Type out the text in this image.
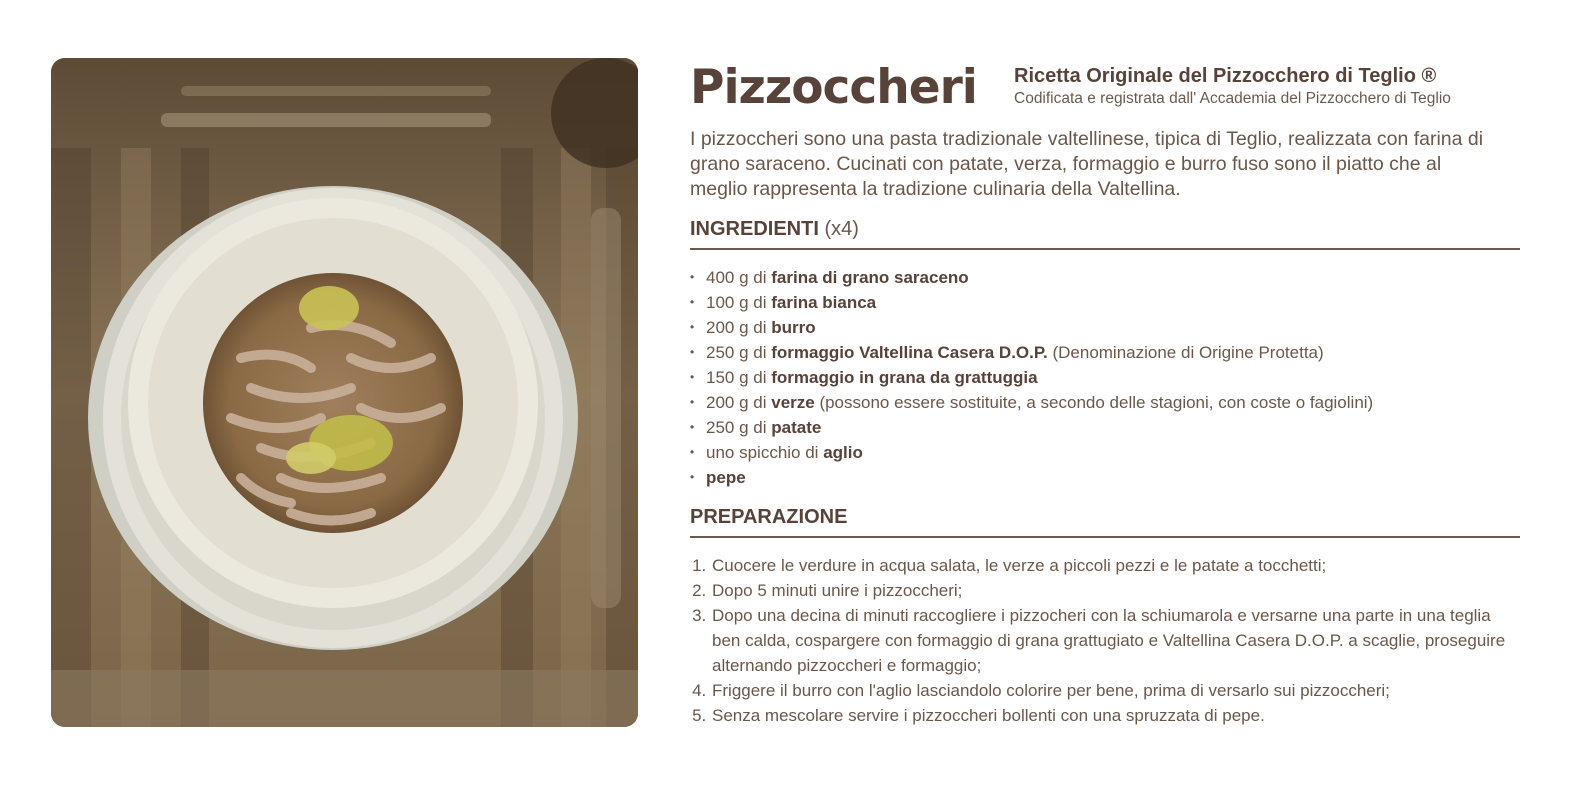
Pizzoccheri	Ricetta Originale del Pizzocchero di Teglio ®
Codificata e registrata dall' Accademia del Pizzocchero di Teglio

I pizzoccheri sono una pasta tradizionale valtellinese, tipica di Teglio, realizzata con farina di grano saraceno. Cucinati con patate, verza, formaggio e burro fuso sono il piatto che al meglio rappresenta la tradizione culinaria della Valtellina.

INGREDIENTI (x4)
• 400 g di farina di grano saraceno
• 100 g di farina bianca
• 200 g di burro
• 250 g di formaggio Valtellina Casera D.O.P. (Denominazione di Origine Protetta)
• 150 g di formaggio in grana da grattuggia
• 200 g di verze (possono essere sostituite, a secondo delle stagioni, con coste o fagiolini)
• 250 g di patate
• uno spicchio di aglio
• pepe
PREPARAZIONE
1. Cuocere le verdure in acqua salata, le verze a piccoli pezzi e le patate a tocchetti;
2. Dopo 5 minuti unire i pizzoccheri;
3. Dopo una decina di minuti raccogliere i pizzocheri con la schiumarola e versarne una parte in una teglia ben calda, cospargere con formaggio di grana grattugiato e Valtellina Casera D.O.P. a scaglie, proseguire alternando pizzoccheri e formaggio;
4. Friggere il burro con l'aglio lasciandolo colorire per bene, prima di versarlo sui pizzoccheri;
5. Senza mescolare servire i pizzoccheri bollenti con una spruzzata di pepe.
